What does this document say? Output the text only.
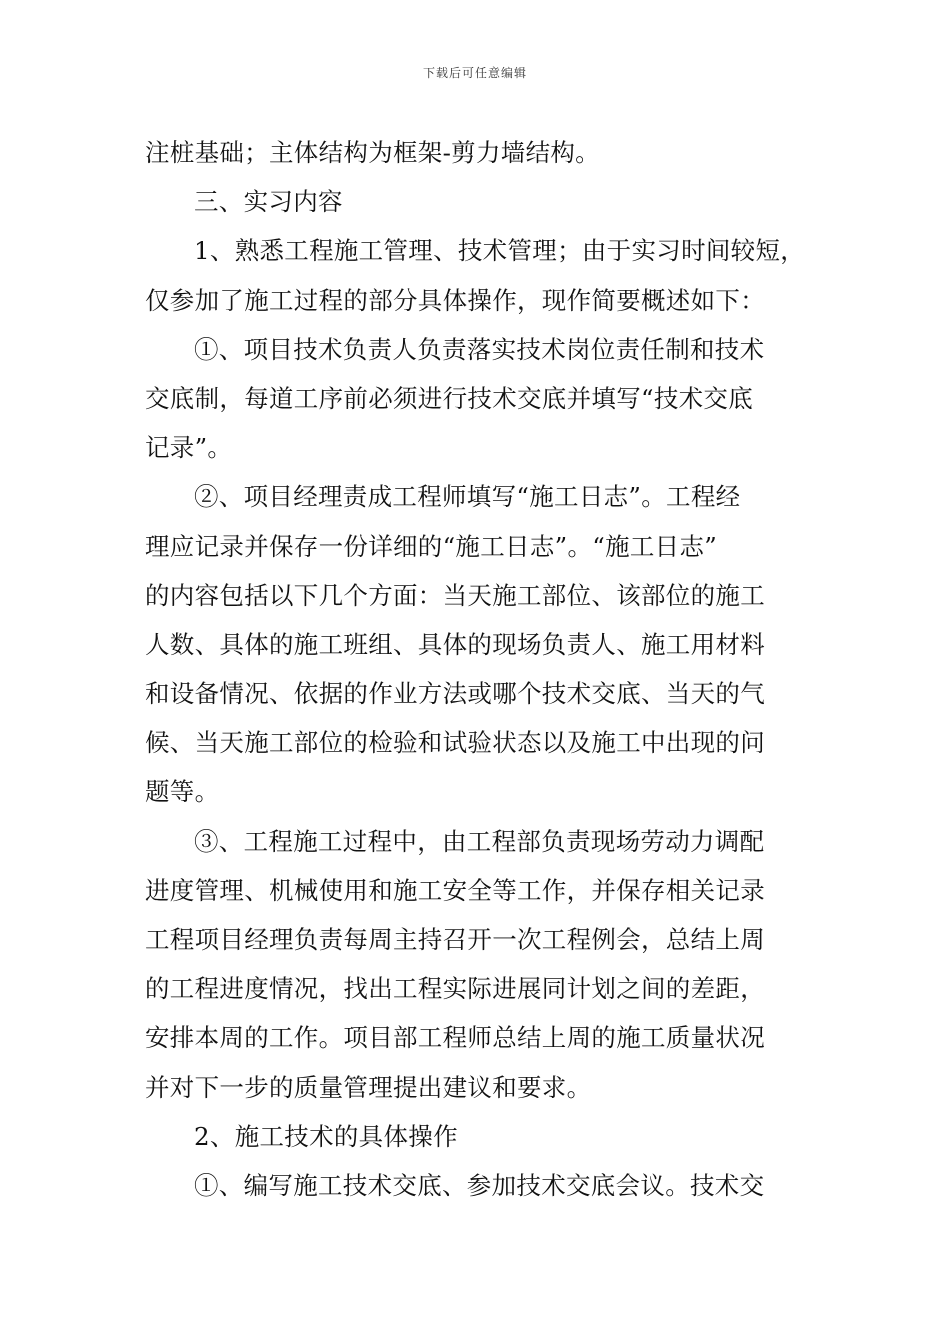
下载后可任意编辑
注桩基础；主体结构为框架-剪力墙结构。
三、实习内容
1、熟悉工程施工管理、技术管理；由于实习时间较短，
仅参加了施工过程的部分具体操作，现作简要概述如下：
①、项目技术负责人负责落实技术岗位责任制和技术
交底制，每道工序前必须进行技术交底并填写“技术交底
记录”。
②、项目经理责成工程师填写“施工日志”。工程经
理应记录并保存一份详细的“施工日志”。“施工日志”
的内容包括以下几个方面：当天施工部位、该部位的施工
人数、具体的施工班组、具体的现场负责人、施工用材料
和设备情况、依据的作业方法或哪个技术交底、当天的气
候、当天施工部位的检验和试验状态以及施工中出现的问
题等。
③、工程施工过程中，由工程部负责现场劳动力调配
进度管理、机械使用和施工安全等工作，并保存相关记录
工程项目经理负责每周主持召开一次工程例会，总结上周
的工程进度情况，找出工程实际进展同计划之间的差距，
安排本周的工作。项目部工程师总结上周的施工质量状况
并对下一步的质量管理提出建议和要求。
2、施工技术的具体操作
①、编写施工技术交底、参加技术交底会议。技术交
